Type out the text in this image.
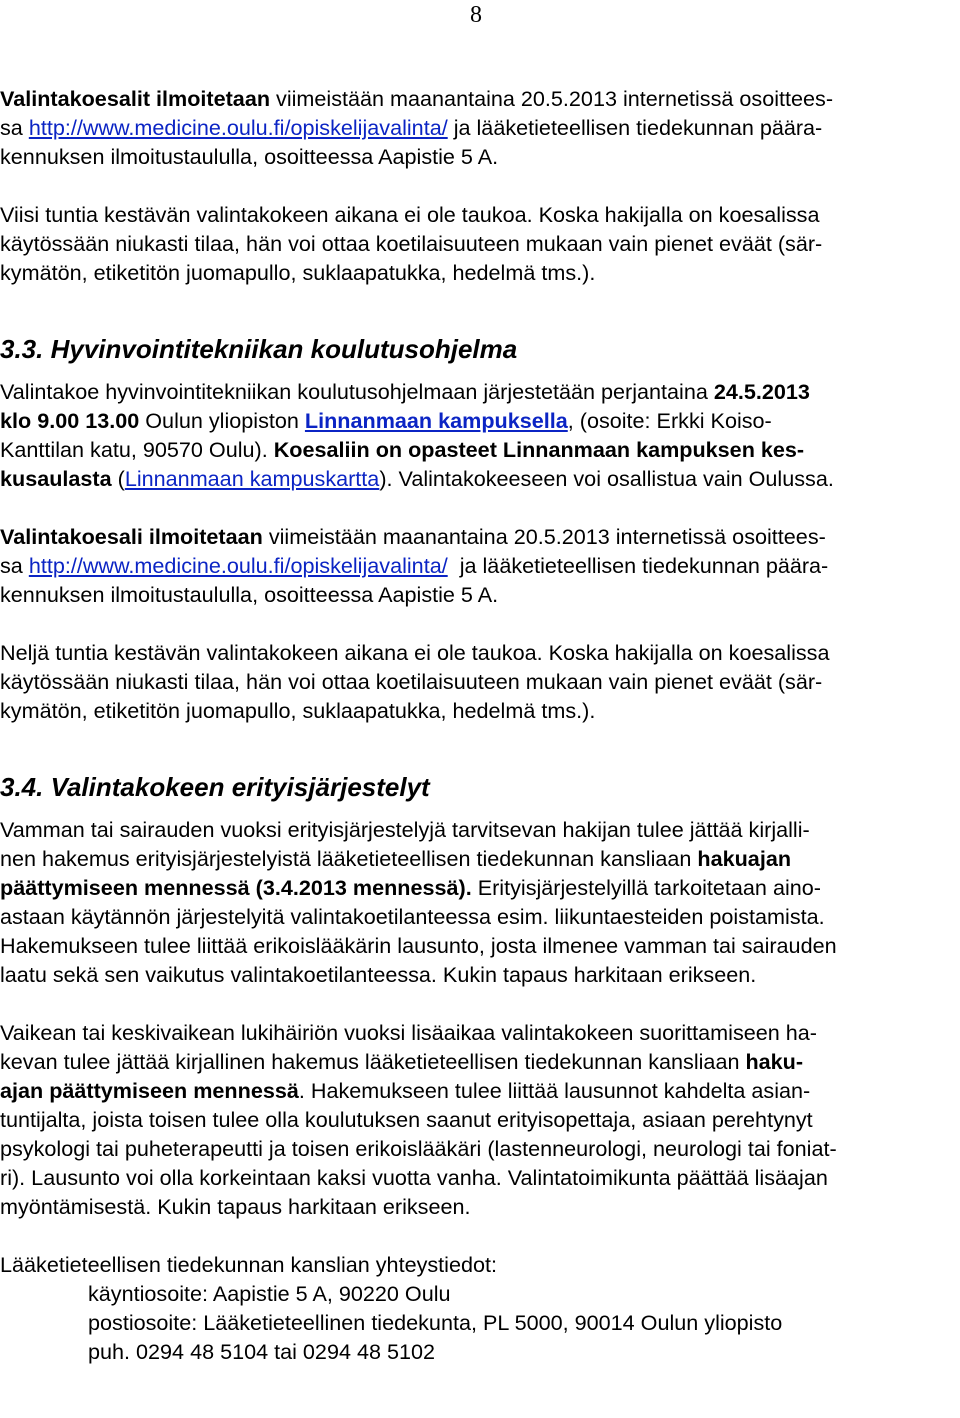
8
Valintakoesalit ilmoitetaan viimeistään maanantaina 20.5.2013 internetissä osoittees-
sa http://www.medicine.oulu.fi/opiskelijavalinta/ ja lääketieteellisen tiedekunnan päära-
kennuksen ilmoitustaululla, osoitteessa Aapistie 5 A.
Viisi tuntia kestävän valintakokeen aikana ei ole taukoa. Koska hakijalla on koesalissa
käytössään niukasti tilaa, hän voi ottaa koetilaisuuteen mukaan vain pienet eväät (sär-
kymätön, etiketitön juomapullo, suklaapatukka, hedelmä tms.).
3.3. Hyvinvointitekniikan koulutusohjelma
Valintakoe hyvinvointitekniikan koulutusohjelmaan järjestetään perjantaina 24.5.2013
klo 9.00 13.00 Oulun yliopiston Linnanmaan kampuksella, (osoite: Erkki Koiso-
Kanttilan katu, 90570 Oulu). Koesaliin on opasteet Linnanmaan kampuksen kes-
kusaulasta (Linnanmaan kampuskartta). Valintakokeeseen voi osallistua vain Oulussa.
Valintakoesali ilmoitetaan viimeistään maanantaina 20.5.2013 internetissä osoittees-
sa http://www.medicine.oulu.fi/opiskelijavalinta/  ja lääketieteellisen tiedekunnan päära-
kennuksen ilmoitustaululla, osoitteessa Aapistie 5 A.
Neljä tuntia kestävän valintakokeen aikana ei ole taukoa. Koska hakijalla on koesalissa
käytössään niukasti tilaa, hän voi ottaa koetilaisuuteen mukaan vain pienet eväät (sär-
kymätön, etiketitön juomapullo, suklaapatukka, hedelmä tms.).
3.4. Valintakokeen erityisjärjestelyt
Vamman tai sairauden vuoksi erityisjärjestelyjä tarvitsevan hakijan tulee jättää kirjalli-
nen hakemus erityisjärjestelyistä lääketieteellisen tiedekunnan kansliaan hakuajan
päättymiseen mennessä (3.4.2013 mennessä). Erityisjärjestelyillä tarkoitetaan aino-
astaan käytännön järjestelyitä valintakoetilanteessa esim. liikuntaesteiden poistamista.
Hakemukseen tulee liittää erikoislääkärin lausunto, josta ilmenee vamman tai sairauden
laatu sekä sen vaikutus valintakoetilanteessa. Kukin tapaus harkitaan erikseen.
Vaikean tai keskivaikean lukihäiriön vuoksi lisäaikaa valintakokeen suorittamiseen ha-
kevan tulee jättää kirjallinen hakemus lääketieteellisen tiedekunnan kansliaan haku-
ajan päättymiseen mennessä. Hakemukseen tulee liittää lausunnot kahdelta asian-
tuntijalta, joista toisen tulee olla koulutuksen saanut erityisopettaja, asiaan perehtynyt
psykologi tai puheterapeutti ja toisen erikoislääkäri (lastenneurologi, neurologi tai foniat-
ri). Lausunto voi olla korkeintaan kaksi vuotta vanha. Valintatoimikunta päättää lisäajan
myöntämisestä. Kukin tapaus harkitaan erikseen.
Lääketieteellisen tiedekunnan kanslian yhteystiedot:
käyntiosoite: Aapistie 5 A, 90220 Oulu
postiosoite: Lääketieteellinen tiedekunta, PL 5000, 90014 Oulun yliopisto
puh. 0294 48 5104 tai 0294 48 5102
